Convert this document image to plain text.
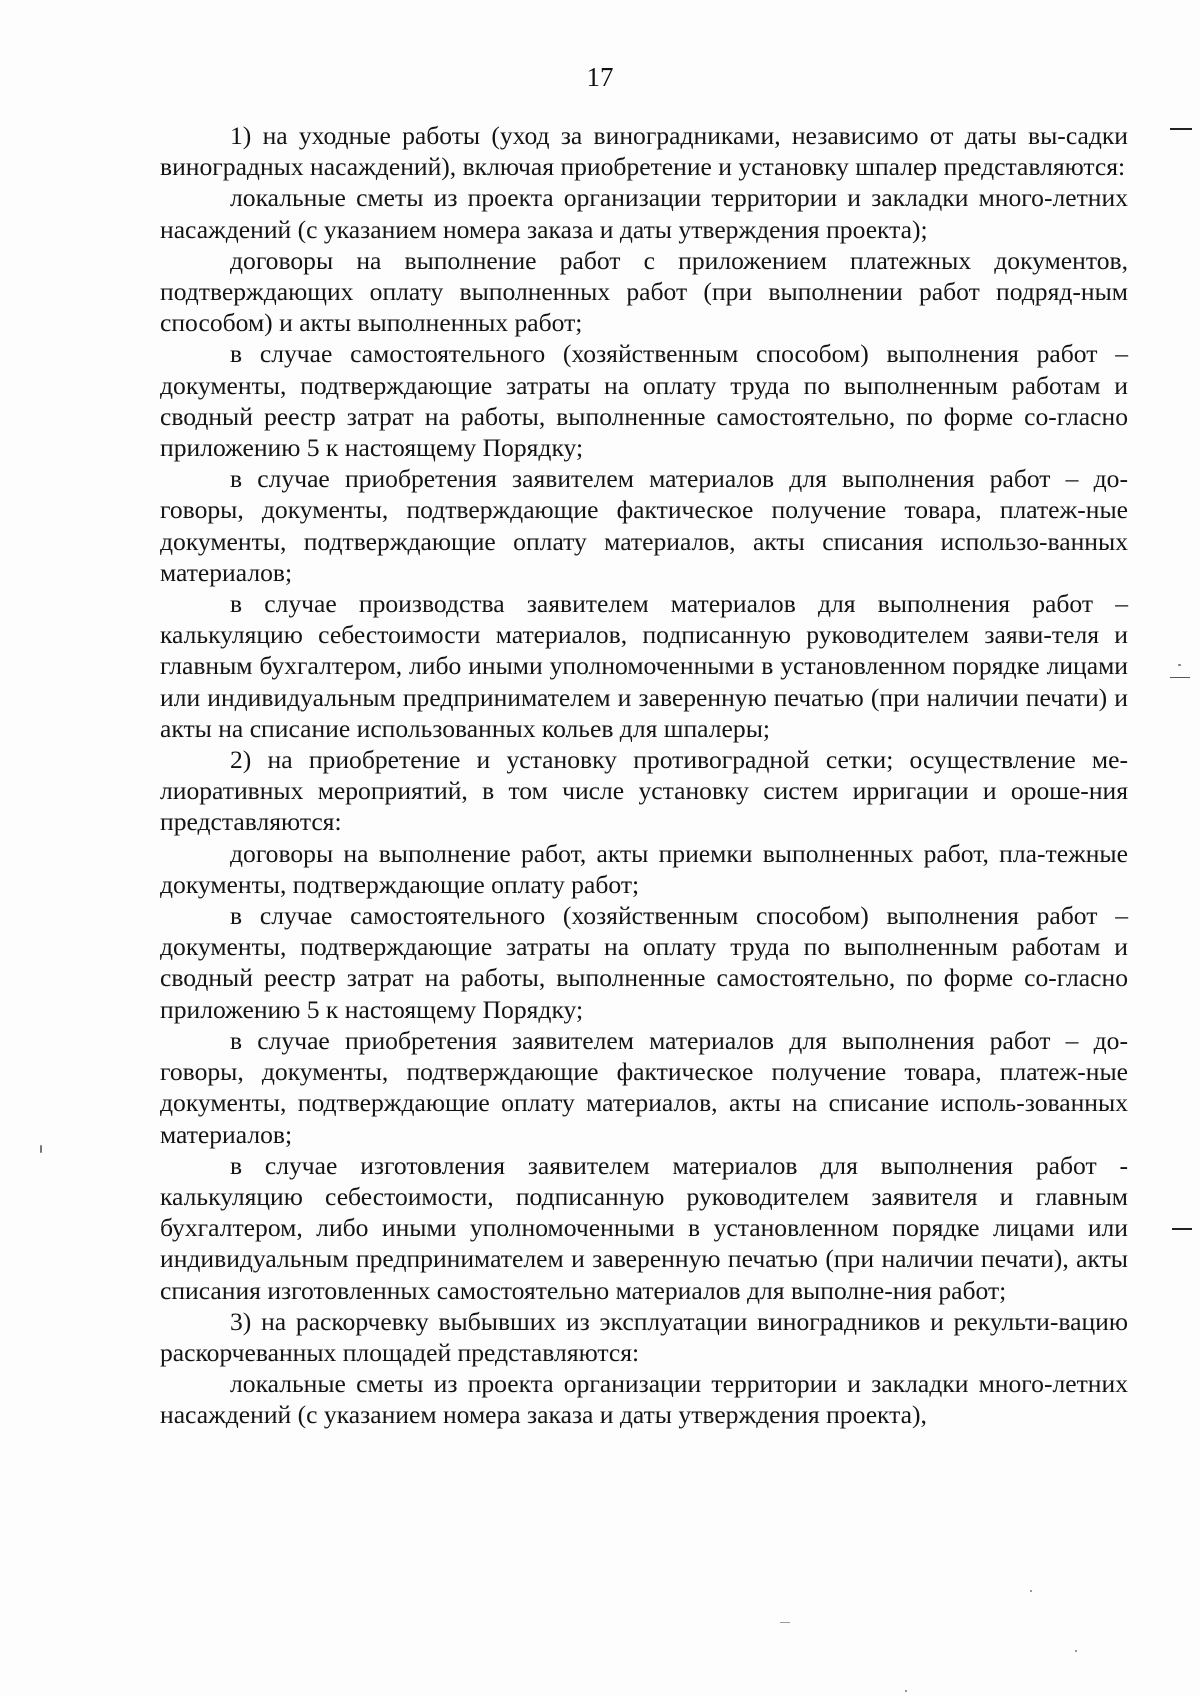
17

1) на уходные работы (уход за виноградниками, независимо от даты вы-садки виноградных насаждений), включая приобретение и установку шпалер представляются:

локальные сметы из проекта организации территории и закладки много-летних насаждений (с указанием номера заказа и даты утверждения проекта);

договоры на выполнение работ с приложением платежных документов, подтверждающих оплату выполненных работ (при выполнении работ подряд-ным способом) и акты выполненных работ;

в случае самостоятельного (хозяйственным способом) выполнения работ – документы, подтверждающие затраты на оплату труда по выполненным работам и сводный реестр затрат на работы, выполненные самостоятельно, по форме со-гласно приложению 5 к настоящему Порядку;

в случае приобретения заявителем материалов для выполнения работ – до-говоры, документы, подтверждающие фактическое получение товара, платеж-ные документы, подтверждающие оплату материалов, акты списания использо-ванных материалов;

в случае производства заявителем материалов для выполнения работ – калькуляцию себестоимости материалов, подписанную руководителем заяви-теля и главным бухгалтером, либо иными уполномоченными в установленном порядке лицами или индивидуальным предпринимателем и заверенную печатью (при наличии печати) и акты на списание использованных кольев для шпалеры;

2) на приобретение и установку противоградной сетки; осуществление ме-лиоративных мероприятий, в том числе установку систем ирригации и ороше-ния представляются:

договоры на выполнение работ, акты приемки выполненных работ, пла-тежные документы, подтверждающие оплату работ;

в случае самостоятельного (хозяйственным способом) выполнения работ – документы, подтверждающие затраты на оплату труда по выполненным работам и сводный реестр затрат на работы, выполненные самостоятельно, по форме со-гласно приложению 5 к настоящему Порядку;

в случае приобретения заявителем материалов для выполнения работ – до-говоры, документы, подтверждающие фактическое получение товара, платеж-ные документы, подтверждающие оплату материалов, акты на списание исполь-зованных материалов;

в случае изготовления заявителем материалов для выполнения работ - калькуляцию себестоимости, подписанную руководителем заявителя и главным бухгалтером, либо иными уполномоченными в установленном порядке лицами или индивидуальным предпринимателем и заверенную печатью (при наличии печати), акты списания изготовленных самостоятельно материалов для выполне-ния работ;

3) на раскорчевку выбывших из эксплуатации виноградников и рекульти-вацию раскорчеванных площадей представляются:

локальные сметы из проекта организации территории и закладки много-летних насаждений (с указанием номера заказа и даты утверждения проекта),
